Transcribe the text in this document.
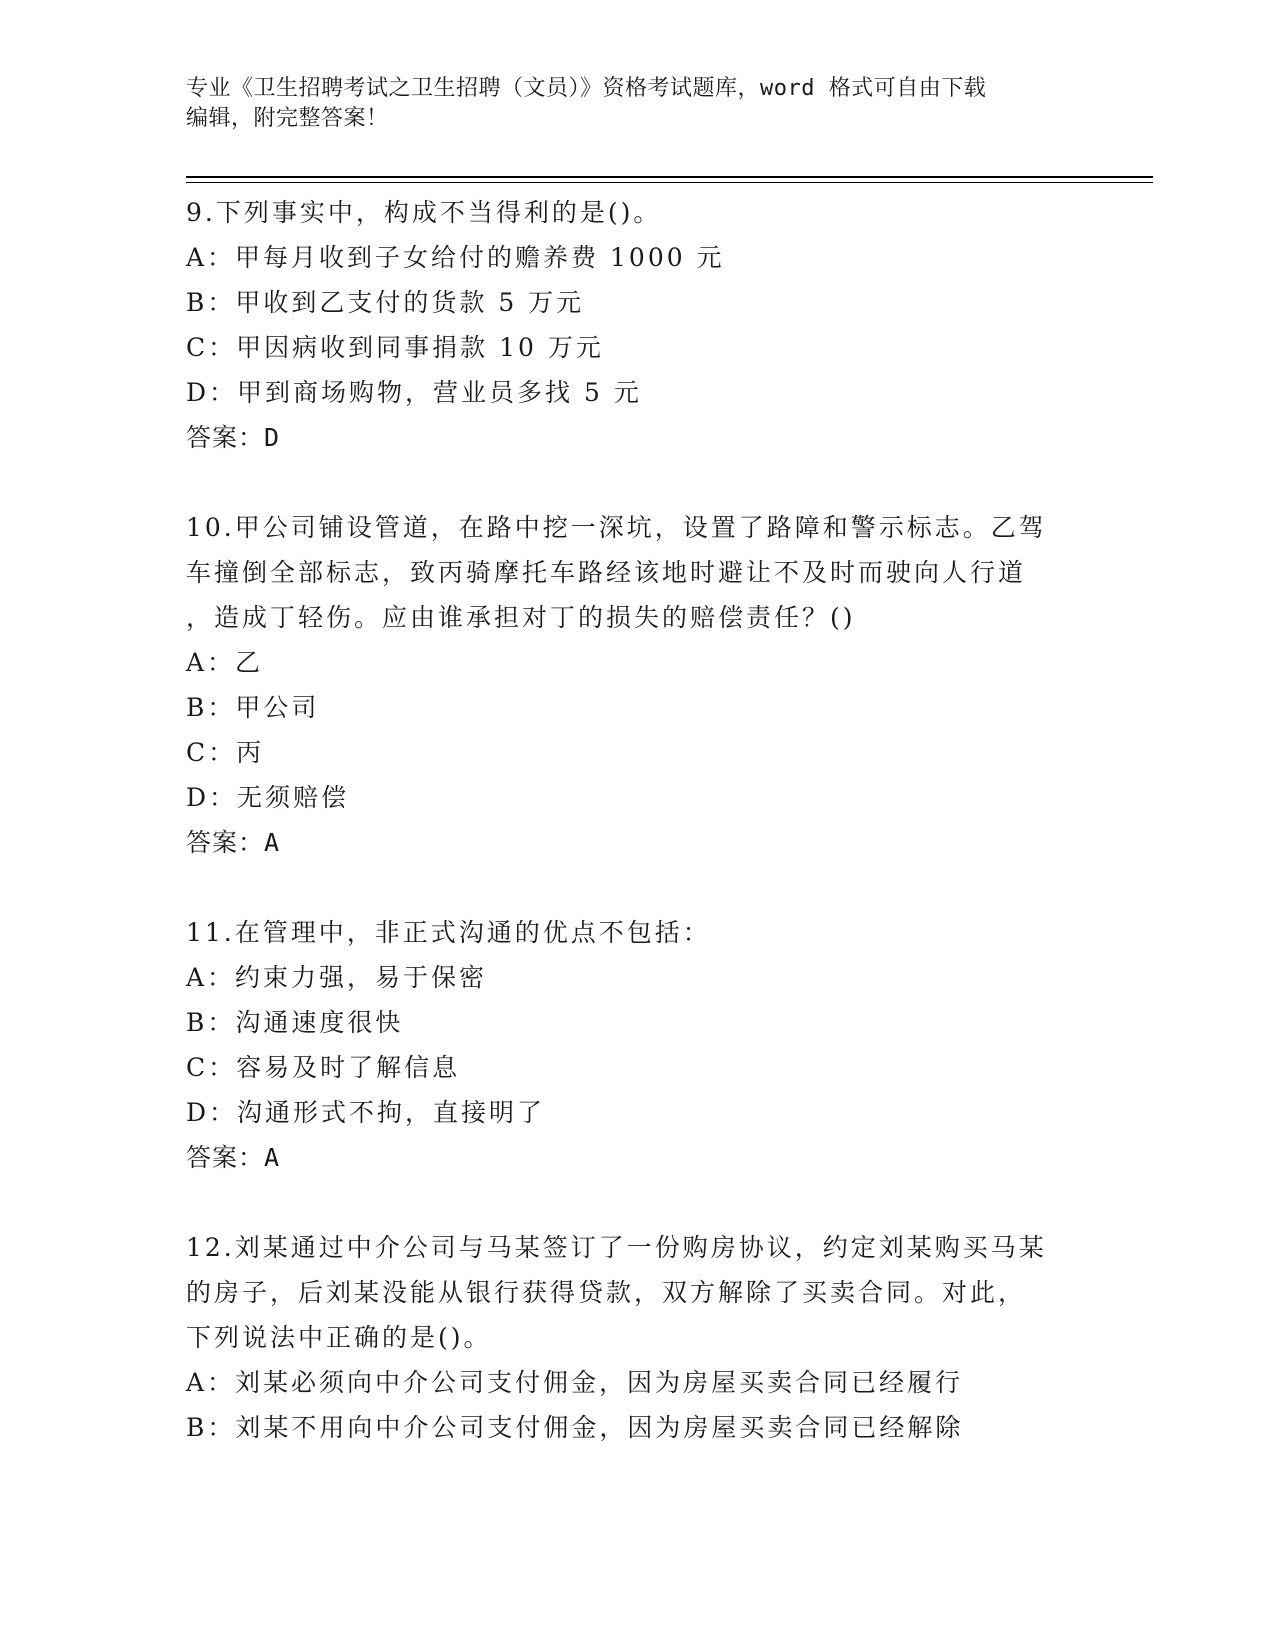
专业《卫生招聘考试之卫生招聘（文员）》资格考试题库，word 格式可自由下载
编辑，附完整答案！
9.下列事实中，构成不当得利的是()。
A：甲每月收到子女给付的赡养费 1000 元
B：甲收到乙支付的货款 5 万元
C：甲因病收到同事捐款 10 万元
D：甲到商场购物，营业员多找 5 元
答案：D
10.甲公司铺设管道，在路中挖一深坑，设置了路障和警示标志。乙驾
车撞倒全部标志，致丙骑摩托车路经该地时避让不及时而驶向人行道
，造成丁轻伤。应由谁承担对丁的损失的赔偿责任？()
A：乙
B：甲公司
C：丙
D：无须赔偿
答案：A
11.在管理中，非正式沟通的优点不包括：
A：约束力强，易于保密
B：沟通速度很快
C：容易及时了解信息
D：沟通形式不拘，直接明了
答案：A
12.刘某通过中介公司与马某签订了一份购房协议，约定刘某购买马某
的房子，后刘某没能从银行获得贷款，双方解除了买卖合同。对此，
下列说法中正确的是()。
A：刘某必须向中介公司支付佣金，因为房屋买卖合同已经履行
B：刘某不用向中介公司支付佣金，因为房屋买卖合同已经解除
